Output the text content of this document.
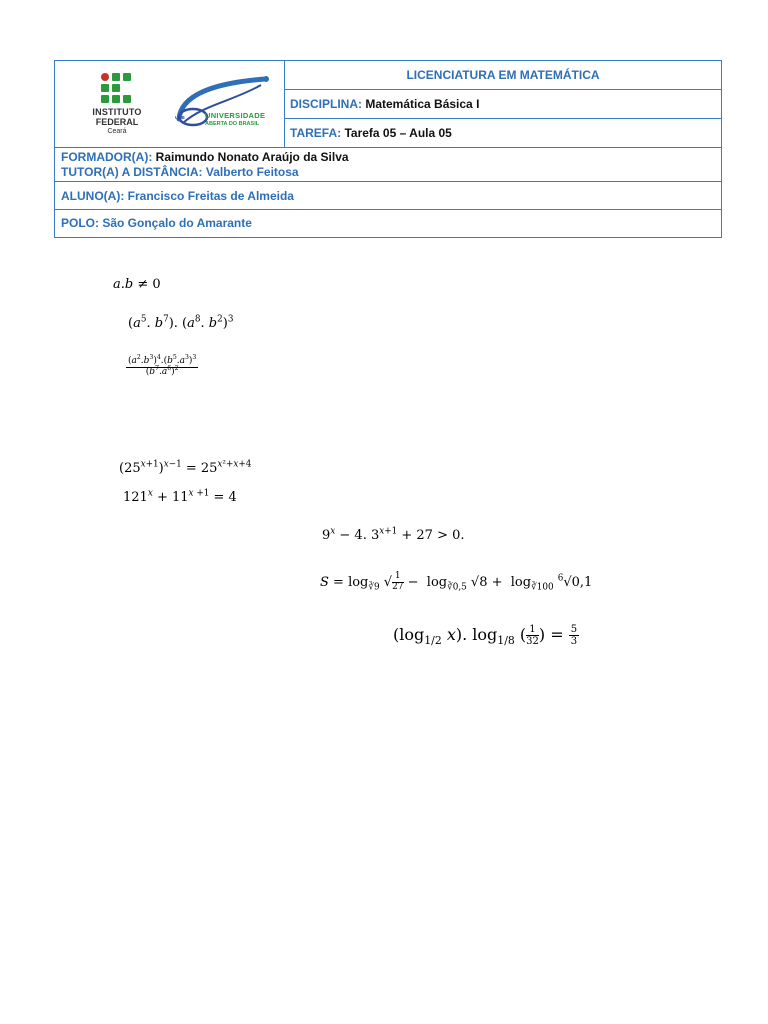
INSTITUTO
FEDERAL
Ceará
UAB	UNIVERSIDADE
ABERTA DO BRASIL
LICENCIATURA EM MATEMÁTICA
DISCIPLINA:
Matemática Básica I
TAREFA:
Tarefa 05 – Aula 05
FORMADOR(A): Raimundo Nonato Araújo da Silva
TUTOR(A) A DISTÂNCIA: Valberto Feitosa
ALUNO(A): Francisco Freitas de Almeida
POLO: São Gonçalo do Amarante
a.b ≠ 0
($a^5$. $b^7$). ($a^8$. $b^2)^3$
$\frac{(a^2.b^3)^4.(b^5.a^3)^3}{(b^7.a^6)^2}$
$(25^{x+1})^{x-1} = 25^{x^2+x+4}$
$121^x + 11^{x +1} = 4$
$9^x - 4$. $3^{x+1} + 27 > 0$.
$S = \log_{∛9}$ √ $\frac{1}{27} - \log_{∛0,5} √8 + \log_{∛100} ^6√0,1$
($\log_{1/2}$ x). $\log_{1/8}$ ( $\frac{1}{32}$ ) = $\frac{5}{3}$
